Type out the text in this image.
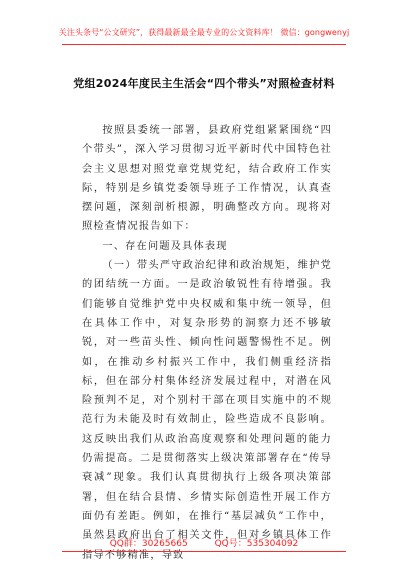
关注头条号“公文研究”，获得最新最全最专业的公文资料库！ 微信：gongwenyj
党组2024年度民主生活会“四个带头”对照检查材料

按照县委统一部署，县政府党组紧紧围绕“四个带头”，深入学习贯彻习近平新时代中国特色社会主义思想对照党章党规党纪，结合政府工作实际，特别是乡镇党委领导班子工作情况，认真查摆问题，深刻剖析根源，明确整改方向。现将对照检查情况报告如下：

一、存在问题及具体表现

（一）带头严守政治纪律和政治规矩，维护党的团结统一方面。一是政治敏锐性有待增强。我们能够自觉维护党中央权威和集中统一领导，但在具体工作中，对复杂形势的洞察力还不够敏锐，对一些苗头性、倾向性问题警惕性不足。例如，在推动乡村振兴工作中，我们侧重经济指标，但在部分村集体经济发展过程中，对潜在风险预判不足，对个别村干部在项目实施中的不规范行为未能及时有效制止，险些造成不良影响。这反映出我们从政治高度观察和处理问题的能力仍需提高。二是贯彻落实上级决策部署存在“传导衰减”现象。我们认真贯彻执行上级各项决策部署，但在结合县情、乡情实际创造性开展工作方面仍有差距。例如，在推行“基层减负”工作中，虽然县政府出台了相关文件，但对乡镇具体工作指导不够精准，导致

QQ群：30265665	QQ号：535304092
